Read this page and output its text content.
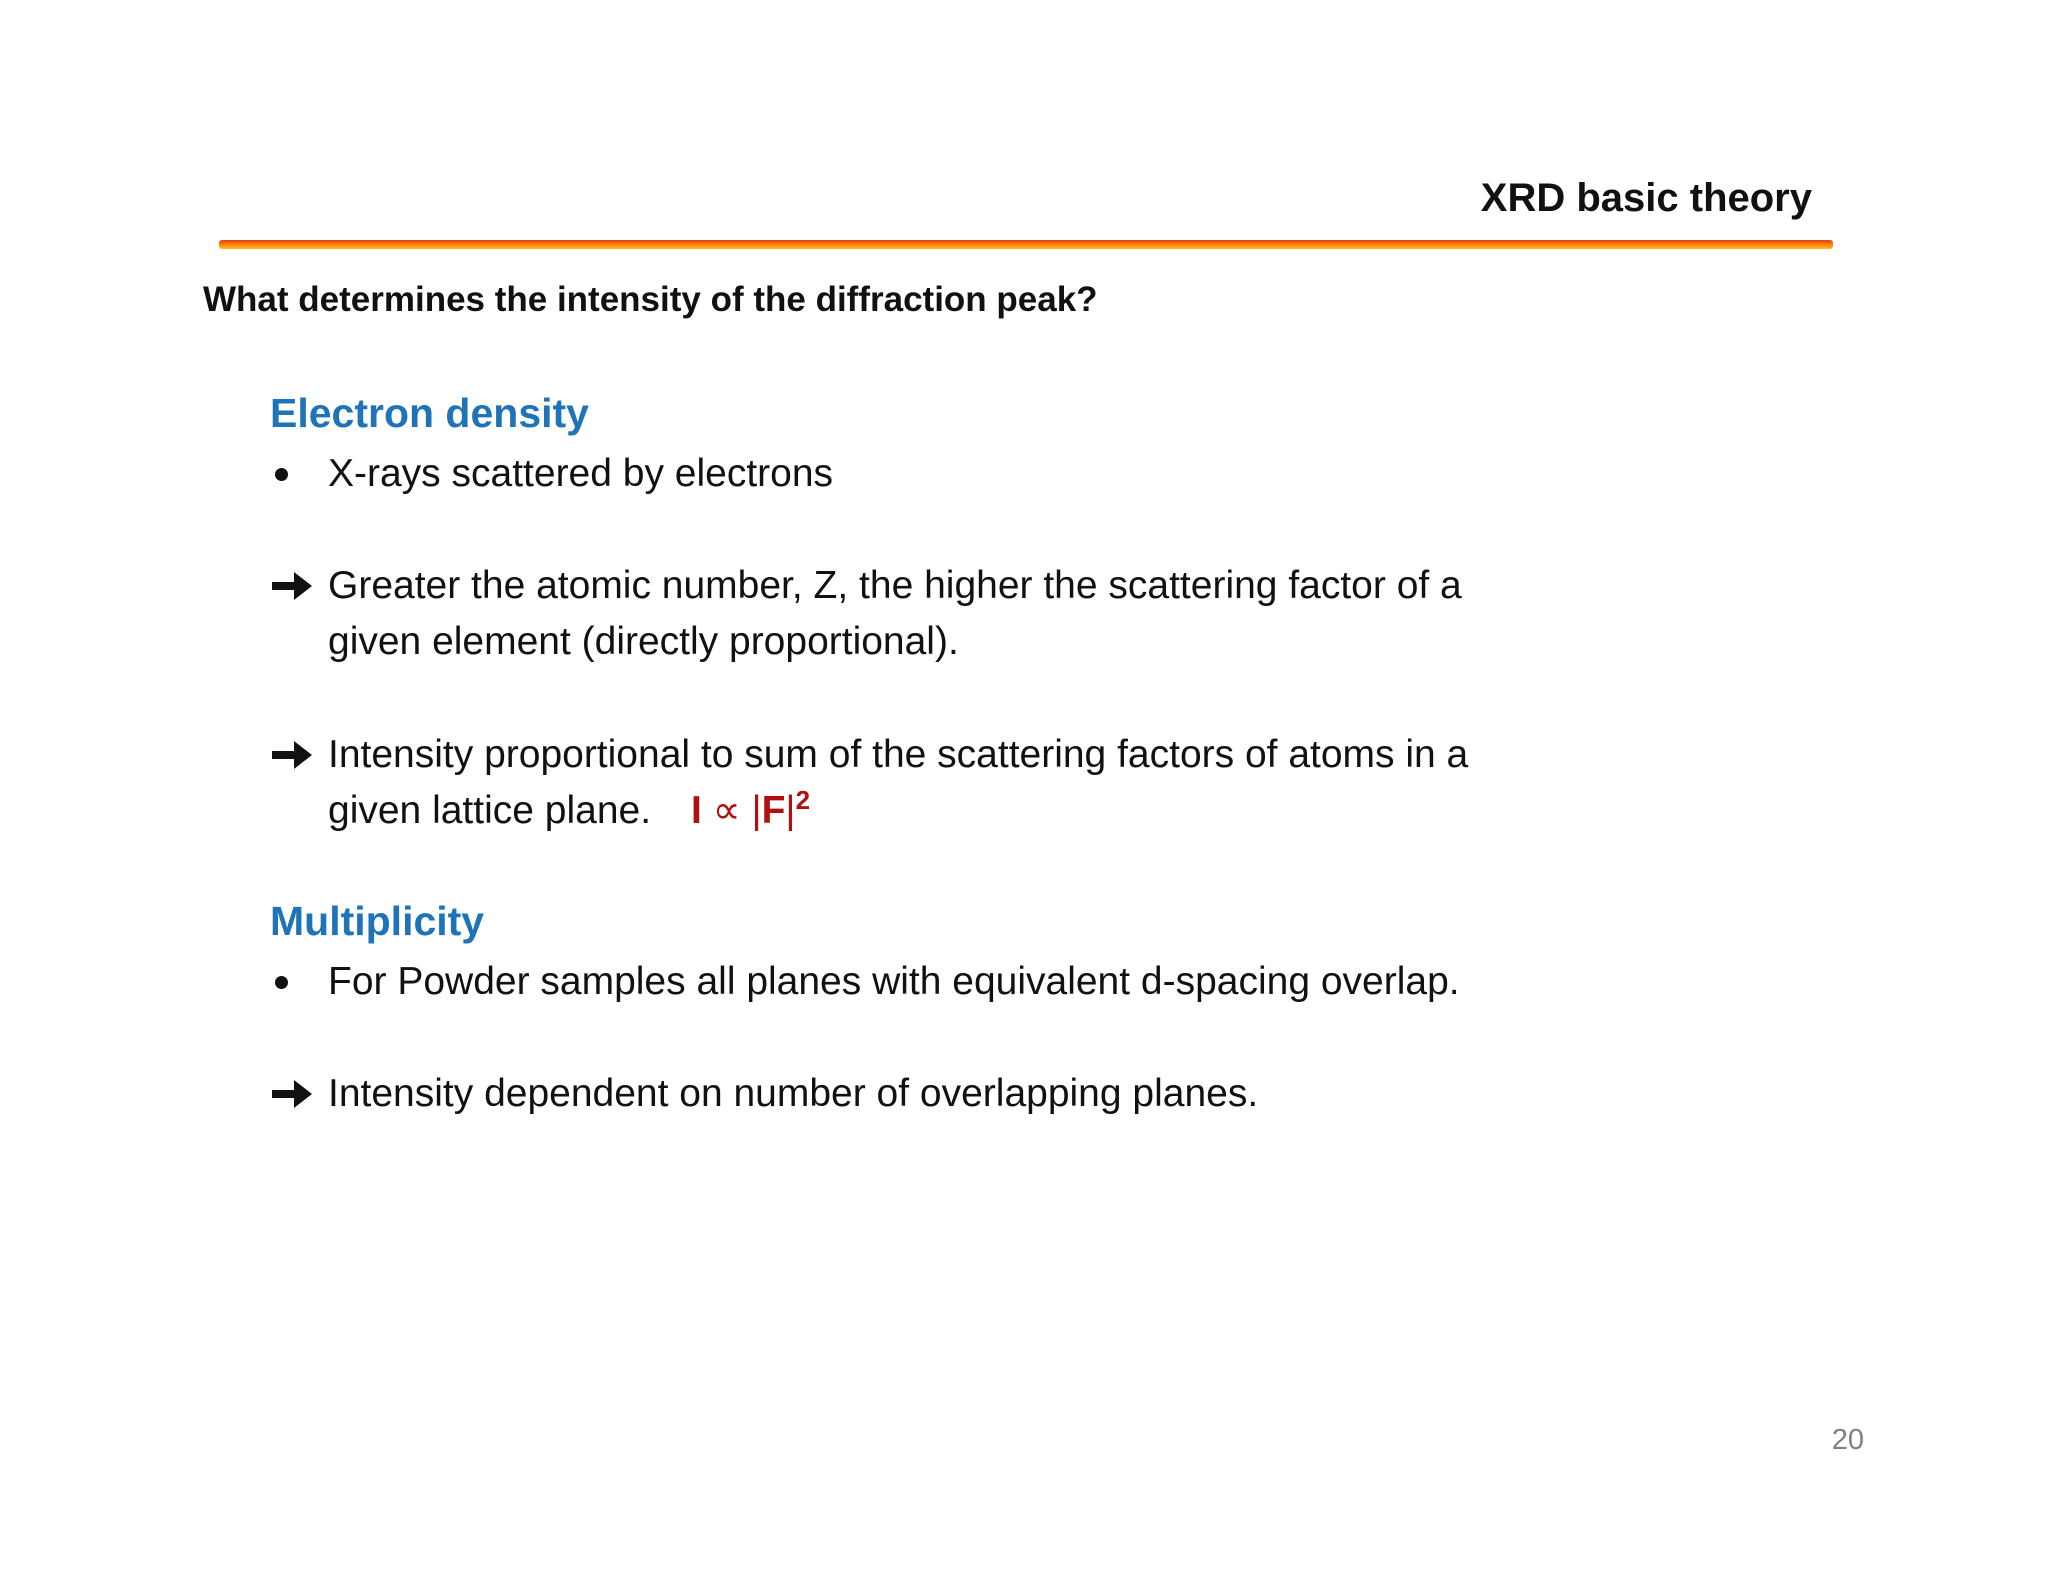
XRD basic theory
What determines the intensity of the diffraction peak?
Electron density
X-rays scattered by electrons
Greater the atomic number, Z, the higher the scattering factor of a
given element (directly proportional).
Intensity proportional to sum of the scattering factors of atoms in a
given lattice plane. $I \propto |F|^2$
Multiplicity
For Powder samples all planes with equivalent d-spacing overlap.
Intensity dependent on number of overlapping planes.
20
